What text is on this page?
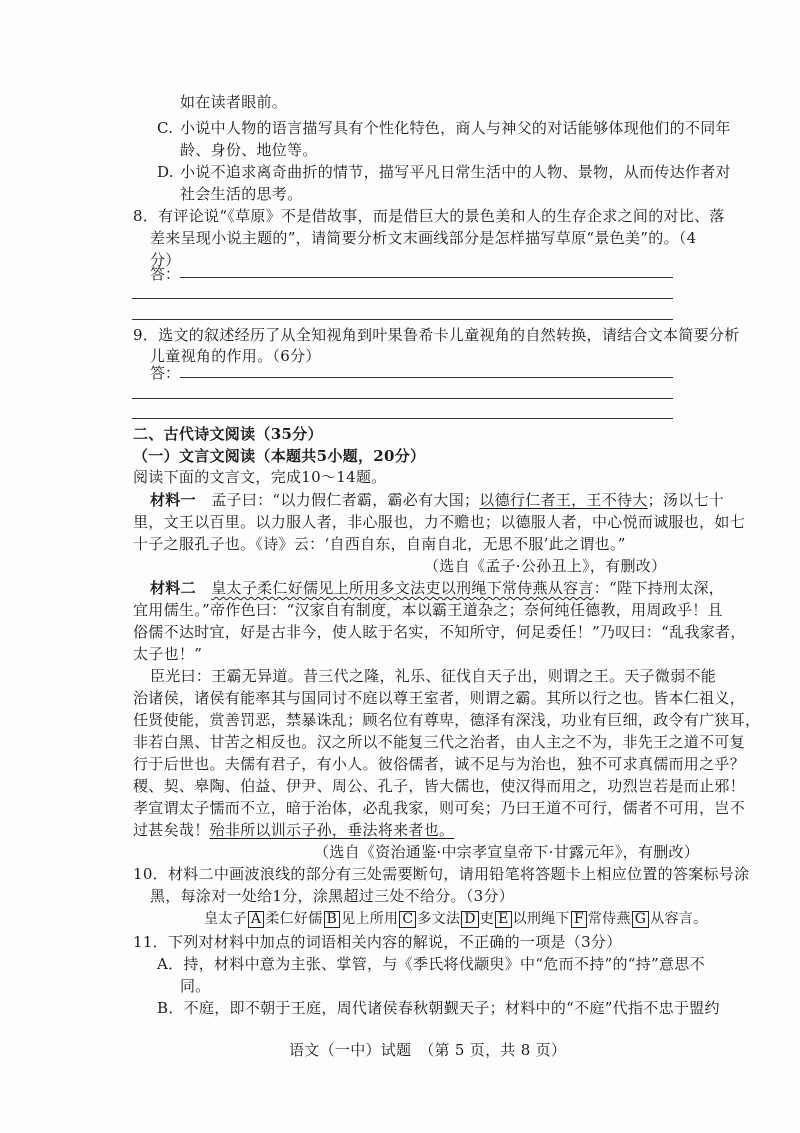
如在读者眼前。
C. 小说中人物的语言描写具有个性化特色，商人与神父的对话能够体现他们的不同年
龄、身份、地位等。
D. 小说不追求离奇曲折的情节，描写平凡日常生活中的人物、景物，从而传达作者对
社会生活的思考。
8．有评论说“《草原》不是借故事，而是借巨大的景色美和人的生存企求之间的对比、落
差来呈现小说主题的”，请简要分析文末画线部分是怎样描写草原“景色美”的。（4
分）
答：
9．选文的叙述经历了从全知视角到叶果鲁希卡儿童视角的自然转换，请结合文本简要分析
儿童视角的作用。（6分）
答：
二、古代诗文阅读（35分）
（一）文言文阅读（本题共5小题，20分）
阅读下面的文言文，完成10～14题。
材料一　 孟子曰：“以力假仁者霸，霸必有大国；以德行仁者王，王不待大；汤以七十
里，文王以百里。以力服人者，非心服也，力不赡也；以德服人者，中心悦而诚服也，如七
十子之服孔子也。《诗》云：‘自西自东，自南自北，无思不服’此之谓也。”
（选自《孟子·公孙丑上》，有删改）
材料二　 皇太子柔仁好儒见上所用多文法吏以刑绳下常侍燕从容言：“陛下持刑太深，
宜用儒生。”帝作色曰：“汉家自有制度，本以霸王道杂之；奈何纯任德教，用周政乎！且
俗儒不达时宜，好是古非今，使人眩于名实，不知所守，何足委任！”乃叹曰：“乱我家者，
太子也！”
臣光曰：王霸无异道。昔三代之隆，礼乐、征伐自天子出，则谓之王。天子微弱不能
治诸侯，诸侯有能率其与国同讨不庭以尊王室者，则谓之霸。其所以行之也。皆本仁祖义，
任贤使能，赏善罚恶，禁暴诛乱；顾名位有尊卑，德泽有深浅，功业有巨细，政令有广狭耳，
非若白黑、甘苦之相反也。汉之所以不能复三代之治者，由人主之不为，非先王之道不可复
行于后世也。夫儒有君子，有小人。彼俗儒者，诚不足与为治也，独不可求真儒而用之乎？
稷、契、皋陶、伯益、伊尹、周公、孔子，皆大儒也，使汉得而用之，功烈岂若是而止邪！
孝宣谓太子懦而不立，暗于治体，必乱我家，则可矣；乃曰王道不可行，儒者不可用，岂不
过甚矣哉！殆非所以训示子孙，垂法将来者也。
（选自《资治通鉴·中宗孝宣皇帝下·甘露元年》，有删改）
10．材料二中画波浪线的部分有三处需要断句，请用铅笔将答题卡上相应位置的答案标号涂
黑，每涂对一处给1分，涂黑超过三处不给分。（3分）
皇太子 A 柔仁好儒 B 见上所用 C 多文法 D 吏 E 以刑绳下 F 常侍燕 G 从容言。
11．下列对材料中加点的词语相关内容的解说，不正确的一项是（3分）
A．持，材料中意为主张、掌管，与《季氏将伐颛臾》中“危而不持”的“持”意思不
同。
B．不庭，即不朝于王庭，周代诸侯春秋朝觐天子；材料中的“不庭”代指不忠于盟约
语文（一中）试题　（第 5 页，共 8 页）
